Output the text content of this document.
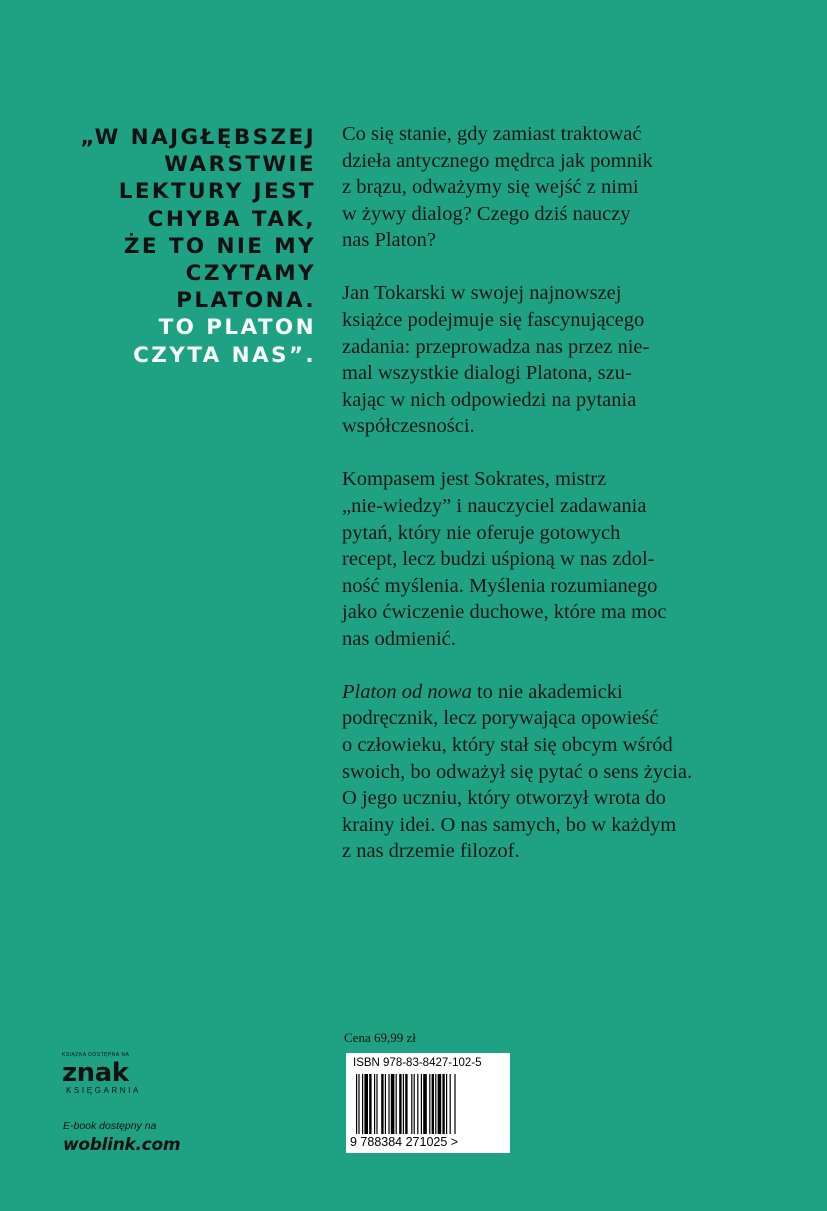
„W NAJGŁĘBSZEJ
WARSTWIE
LEKTURY JEST
CHYBA TAK,
ŻE TO NIE MY
CZYTAMY
PLATONA.
TO PLATON
CZYTA NAS”.

Co się stanie, gdy zamiast traktować
dzieła antycznego mędrca jak pomnik
z brązu, odważymy się wejść z nimi
w żywy dialog? Czego dziś nauczy
nas Platon?

Jan Tokarski w swojej najnowszej
książce podejmuje się fascynującego
zadania: przeprowadza nas przez nie-
mal wszystkie dialogi Platona, szu-
kając w nich odpowiedzi na pytania
współczesności.

Kompasem jest Sokrates, mistrz
„nie-wiedzy” i nauczyciel zadawania
pytań, który nie oferuje gotowych
recept, lecz budzi uśpioną w nas zdol-
ność myślenia. Myślenia rozumianego
jako ćwiczenie duchowe, które ma moc
nas odmienić.

Platon od nowa to nie akademicki
podręcznik, lecz porywająca opowieść
o człowieku, który stał się obcym wśród
swoich, bo odważył się pytać o sens życia.
O jego uczniu, który otworzył wrota do
krainy idei. O nas samych, bo w każdym
z nas drzemie filozof.

Cena 69,99 zł
ISBN 978-83-8427-102-5
9 788384 271025 >
KSIĄŻKA DOSTĘPNA NA
znak
KSIĘGARNIA
E-book dostępny na
woblink.com
